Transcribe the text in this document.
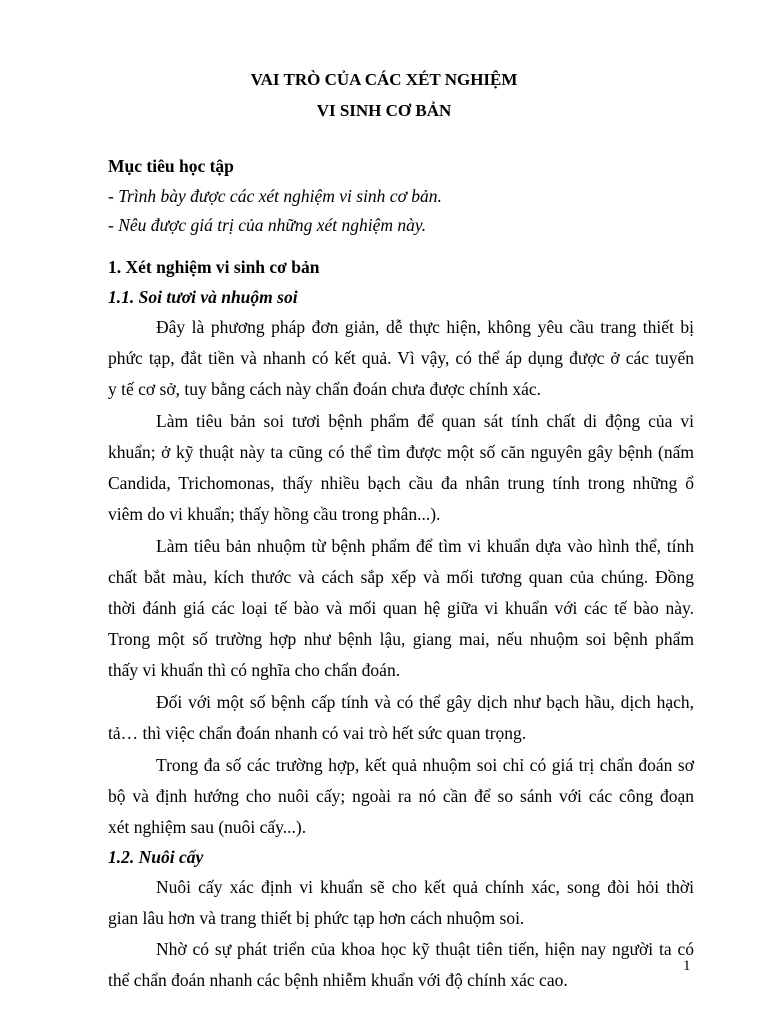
VAI TRÒ CỦA CÁC XÉT NGHIỆM
VI SINH CƠ BẢN
Mục tiêu học tập
- Trình bày được các xét nghiệm vi sinh cơ bản.
- Nêu được giá trị của những xét nghiệm này.
1. Xét nghiệm vi sinh cơ bản
1.1. Soi tươi và nhuộm soi
Đây là phương pháp đơn giản, dễ thực hiện, không yêu cầu trang thiết bị
phức tạp, đắt tiền và nhanh có kết quả. Vì vậy, có thể áp dụng được ở các tuyến
y tế cơ sở, tuy bằng cách này chẩn đoán chưa được chính xác.
Làm tiêu bản soi tươi bệnh phẩm để quan sát tính chất di động của vi
khuẩn; ở kỹ thuật này ta cũng có thể tìm được một số căn nguyên gây bệnh (nấm
Candida, Trichomonas, thấy nhiều bạch cầu đa nhân trung tính trong những ổ
viêm do vi khuẩn; thấy hồng cầu trong phân...).
Làm tiêu bản nhuộm từ bệnh phẩm để tìm vi khuẩn dựa vào hình thể, tính
chất bắt màu, kích thước và cách sắp xếp và mối tương quan của chúng. Đồng
thời đánh giá các loại tế bào và mối quan hệ giữa vi khuẩn với các tế bào này.
Trong một số trường hợp như bệnh lậu, giang mai, nếu nhuộm soi bệnh phẩm
thấy vi khuẩn thì có nghĩa cho chẩn đoán.
Đối với một số bệnh cấp tính và có thể gây dịch như bạch hầu, dịch hạch,
tả… thì việc chẩn đoán nhanh có vai trò hết sức quan trọng.
Trong đa số các trường hợp, kết quả nhuộm soi chỉ có giá trị chẩn đoán sơ
bộ và định hướng cho nuôi cấy; ngoài ra nó cần để so sánh với các công đoạn
xét nghiệm sau (nuôi cấy...).
1.2. Nuôi cấy
Nuôi cấy xác định vi khuẩn sẽ cho kết quả chính xác, song đòi hỏi thời
gian lâu hơn và trang thiết bị phức tạp hơn cách nhuộm soi.
Nhờ có sự phát triển của khoa học kỹ thuật tiên tiến, hiện nay người ta có
thể chẩn đoán nhanh các bệnh nhiễm khuẩn với độ chính xác cao.
1
